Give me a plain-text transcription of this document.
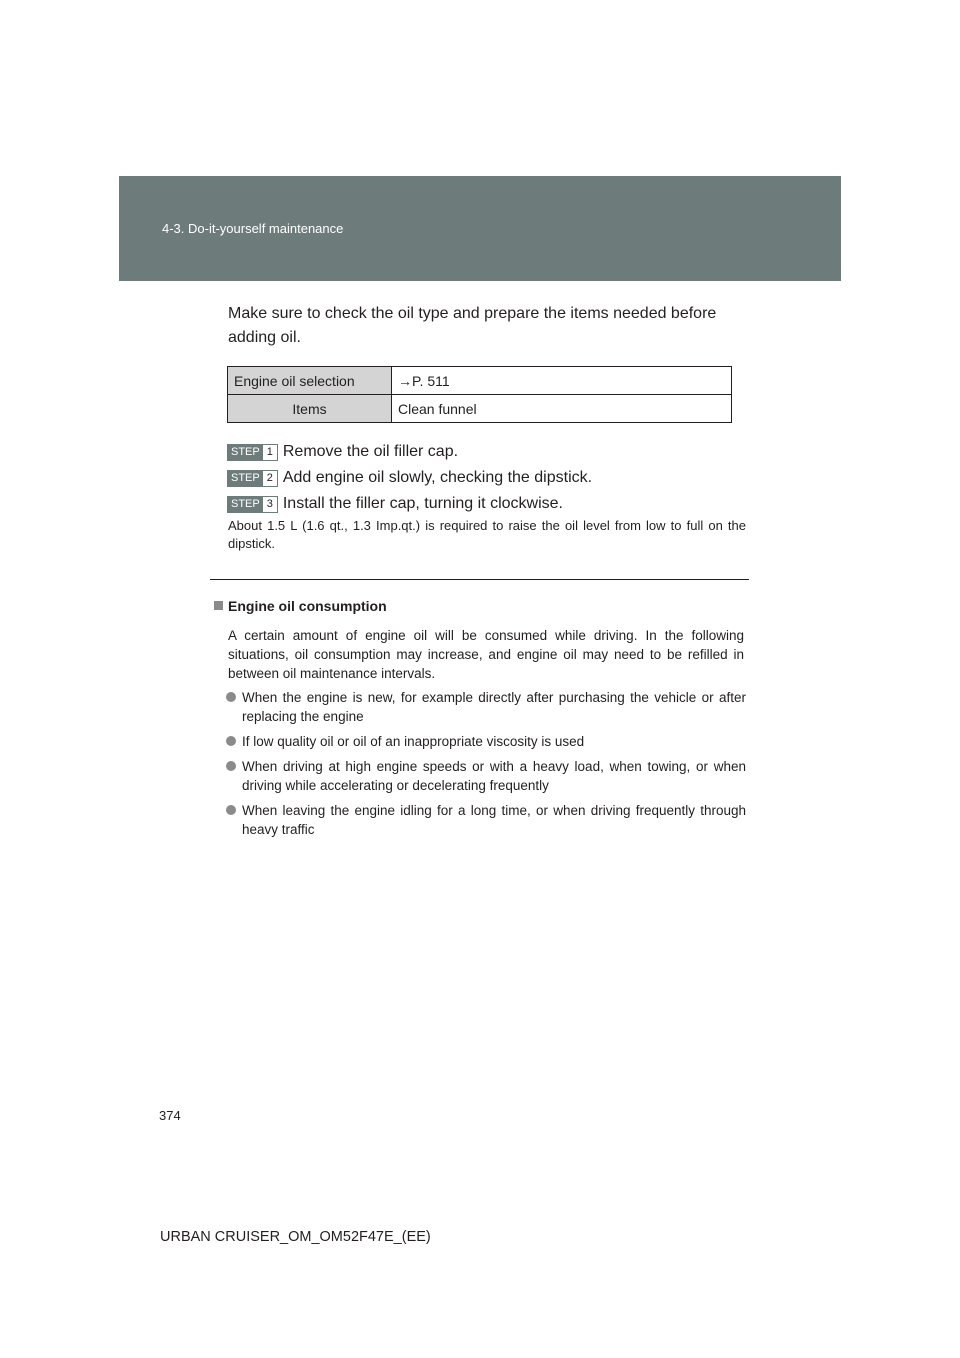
4-3. Do-it-yourself maintenance
Make sure to check the oil type and prepare the items needed before adding oil.
Engine oil selection	→P. 511
Items	Clean funnel
STEP 1 Remove the oil filler cap.
STEP 2 Add engine oil slowly, checking the dipstick.
STEP 3 Install the filler cap, turning it clockwise.
About 1.5 L (1.6 qt., 1.3 Imp.qt.) is required to raise the oil level from low to full on the dipstick.
Engine oil consumption
A certain amount of engine oil will be consumed while driving. In the following situations, oil consumption may increase, and engine oil may need to be refilled in between oil maintenance intervals.
When the engine is new, for example directly after purchasing the vehicle or after replacing the engine
If low quality oil or oil of an inappropriate viscosity is used
When driving at high engine speeds or with a heavy load, when towing, or when driving while accelerating or decelerating frequently
When leaving the engine idling for a long time, or when driving frequently through heavy traffic
374
URBAN CRUISER_OM_OM52F47E_(EE)
